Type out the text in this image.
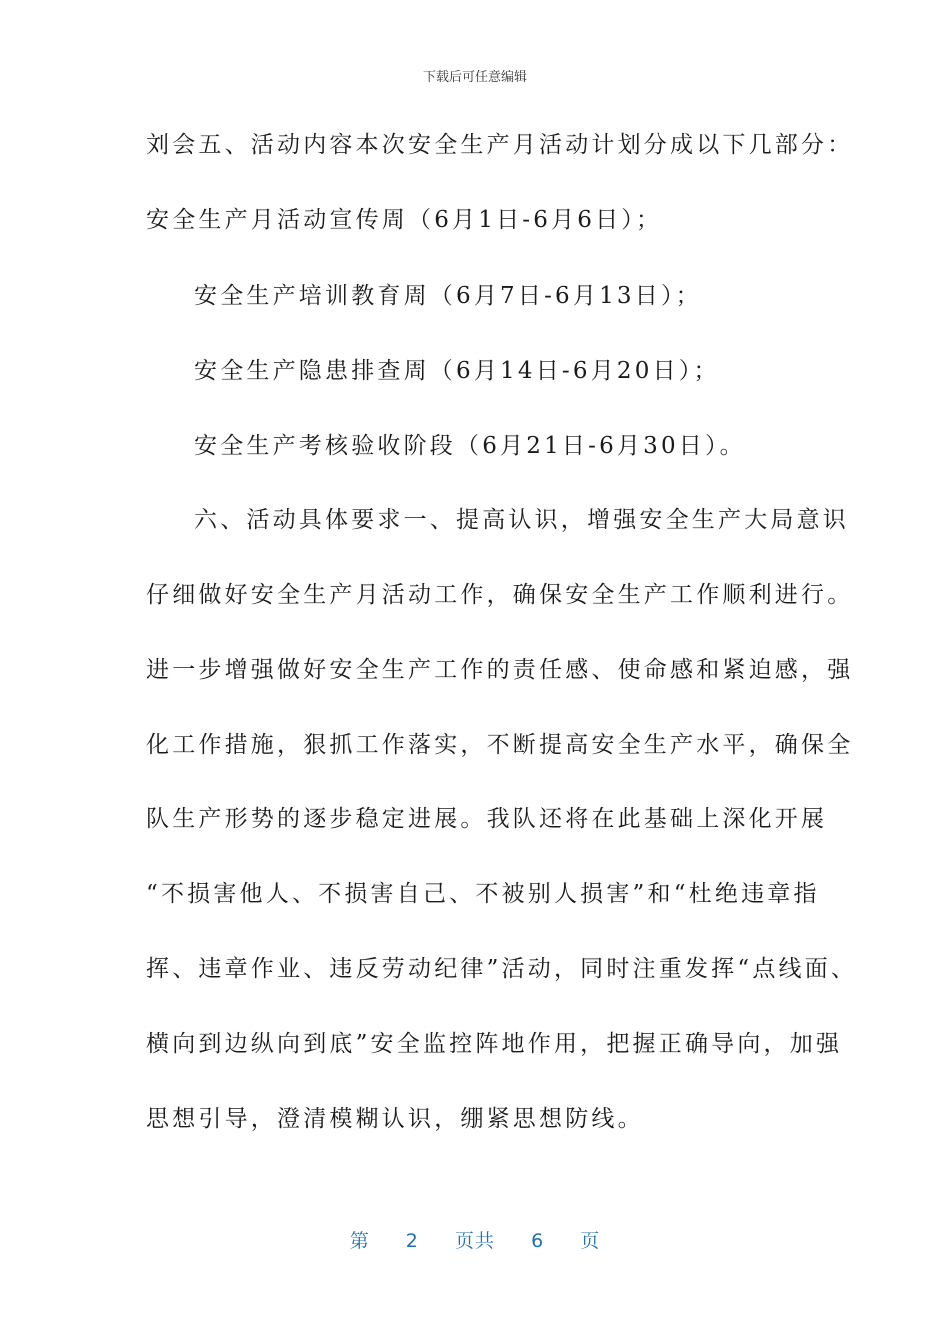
下载后可任意编辑
刘会五、活动内容本次安全生产月活动计划分成以下几部分：
安全生产月活动宣传周（6月1日-6月6日）；
安全生产培训教育周（6月7日-6月13日）；
安全生产隐患排查周（6月14日-6月20日）；
安全生产考核验收阶段（6月21日-6月30日）。
六、活动具体要求一、提高认识，增强安全生产大局意识
仔细做好安全生产月活动工作，确保安全生产工作顺利进行。
进一步增强做好安全生产工作的责任感、使命感和紧迫感，强
化工作措施，狠抓工作落实，不断提高安全生产水平，确保全
队生产形势的逐步稳定进展。我队还将在此基础上深化开展
“不损害他人、不损害自己、不被别人损害”和“杜绝违章指
挥、违章作业、违反劳动纪律”活动，同时注重发挥“点线面、
横向到边纵向到底”安全监控阵地作用，把握正确导向，加强
思想引导，澄清模糊认识，绷紧思想防线。
第 2 页共 6 页
